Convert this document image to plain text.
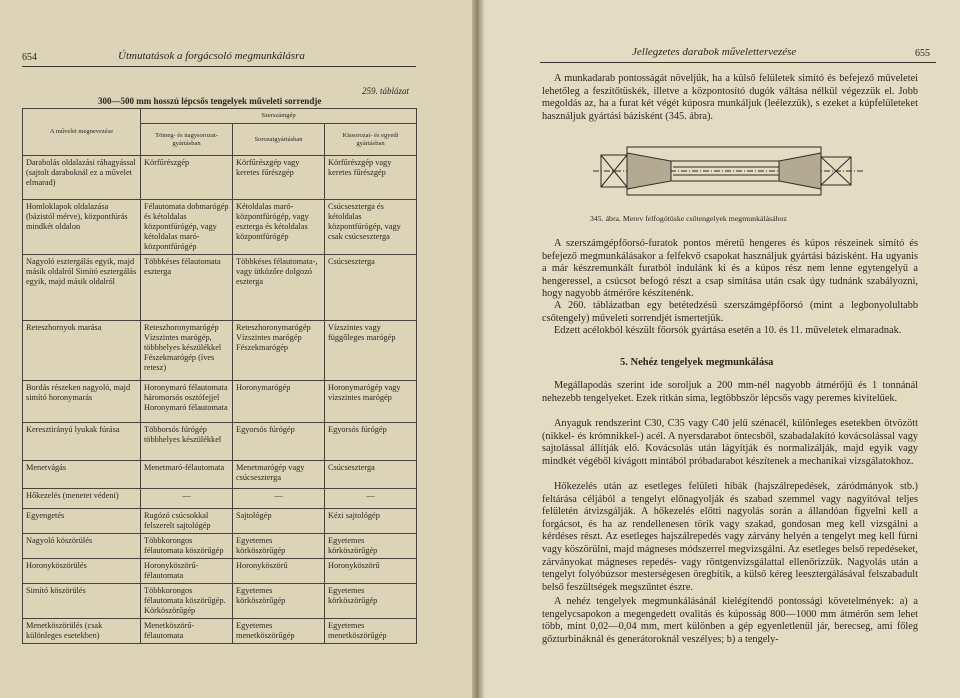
654	Útmutatások a forgácsoló megmunkálásra
259. táblázat
300—500 mm hosszú lépcsős tengelyek műveleti sorrendje
A művelet megnevezése	Szerszámgép		
	Tömeg- és nagysorozat-gyártásban	Sorozatgyártásban	Kissorozat- és egyedi gyártásban
Darabolás oldalazási ráhagyással (sajtolt daraboknál ez a művelet elmarad)	Körfűrészgép	Körfűrészgép vagy keretes fűrészgép	Körfűrészgép vagy keretes fűrészgép
Homloklapok oldalazása (bázistól mérve), központfúrás mindkét oldalon	Félautomata dobmarógép és kétoldalas központfúrógép, vagy kétoldalas maró-központfúrógép	Kétoldalas maró-központfúrógép, vagy esztergа és kétoldalas központfúrógép	Csúcseszterga és kétoldalas központfúrógép, vagy csak csúcseszterga
Nagyoló esztergálás egyik, majd másik oldalról Simító esztergálás egyik, majd másik oldalról	Többkéses félautomata eszterga	Többkéses félautomata-, vagy ütközőre dolgozó eszterga	Csúcseszterga
Reteszhornyok marása	Reteszhoronymarógép Vízszintes marógép, többhelyes készülékkel Fészekmarógép (íves retesz)	Reteszhoronymarógép Vízszintes marógép Fészekmarógép	Vízszintes vagy függőleges marógép
Bordás részeken nagyoló, majd simító horonymarás	Horonymaró félautomata háromorsós osztófejjel Horonymaró félautomata	Horonymarógép	Horonymarógép vagy vízszintes marógép
Keresztirányú lyukak fúrása	Többorsós fúrógép többhelyes készülékkel	Egyorsós fúrógép	Egyorsós fúrógép
Menetvágás	Menetmaró-félautomata	Menetmarógép vagy csúcseszterga	Csúcseszterga
Hőkezelés (menetet védeni)	—	—	—
Egyengetés	Rugózó csúcsokkal felszerelt sajtológép	Sajtológép	Kézi sajtológép
Nagyoló köszörülés	Többkorongos félautomata köszörűgép	Egyetemes körköszörűgép	Egyetemes körköszörűgép
Horonyköszörülés	Horonyköszörű-félautomata	Horonyköszörű	Horonyköszörű
Simító köszörülés	Többkorongos félautomata köszörűgép. Körköszörűgép	Egyetemes körköszörűgép	Egyetemes körköszörűgép
Menetköszörülés (csak különleges esetekben)	Menetköszörű-félautomata	Egyetemes menetköszörűgép	Egyetemes menetköszörűgép
Jellegzetes darabok művelettervezése	655
A munkadarab pontosságát növeljük, ha a külső felületek simító és befejező műveletei lehetőleg a feszítőtüskék, illetve a központosító dugók váltása nélkül végezzük el. Jobb megoldás az, ha a furat két végét kúposra munkáljuk (leélezzük), s ezeket a kúpfelületeket használjuk gyártási bázisként (345. ábra).
345. ábra. Merev felfogótüske csőtengelyek megmunkálásához
A szerszámgépfőorsó-furatok pontos méretű hengeres és kúpos részeinek simító és befejező megmunkálásakor a felfekvő csapokat használjuk gyártási bázisként. Ha ugyanis a már készremunkált furatból indulánk ki és a kúpos rész nem lenne egytengelyű a hengeressel, a csúcsot befogó részt a csap simítása után csak úgy tudnánk szabályozni, hogy nagyobb átmérőre készítenénk.
A 260. táblázatban egy betétedzésű szerszámgépfőorsó (mint a legbonyolultabb csőtengely) műveleti sorrendjét ismertetjük.
Edzett acélokból készült főorsók gyártása esetén a 10. és 11. műveletek elmaradnak.
5. Nehéz tengelyek megmunkálása
Megállapodás szerint ide soroljuk a 200 mm-nél nagyobb átmérőjű és 1 tonnánál nehezebb tengelyeket. Ezek ritkán sima, legtöbbször lépcsős vagy peremes kivitelűek.
Anyaguk rendszerint C30, C35 vagy C40 jelű szénacél, különleges esetekben ötvözött (nikkel- és krómnikkel-) acél. A nyersdarabot öntecsből, szabadalakító kovácsolással vagy sajtolással állítják elő. Kovácsolás után lágyítják és normalizálják, majd egyik vagy mindkét végéből kivágott mintából próbadarabot készítenek a mechanikai vizsgálatokhoz.
Hőkezelés után az esetleges felületi hibák (hajszálrepedések, záródmányok stb.) feltárása céljából a tengelyt előnagyolják és szabad szemmel vagy nagyítóval teljes felületén átvizsgálják. A hőkezelés előtti nagyolás során a állandóan figyelni kell a forgácsot, és ha az rendellenesen törik vagy szakad, gondosan meg kell vizsgálni a kérdéses részt. Az esetleges hajszálrepedés vagy zárvány helyén a tengelyt meg kell fúrni vagy köszörülni, majd mágneses módszerrel megvizsgálni. Az esetleges belső repedéseket, zárványokat mágneses repedés- vagy röntgenvizsgálattal ellenőrizzük. Nagyolás után a tengelyt folyóbúzsor mesterségesen öregbítik, a külső kéreg leesztergálásával felszabadult belső feszültségek megszűntet észre.
A nehéz tengelyek megmunkálásánál kielégítendő pontossági követelmények: a) a tengelycsapokon a megengedett ovalitás és kúposság 800—1000 mm átmérőn sem lehet több, mint 0,02—0,04 mm, mert különben a gép egyenletlenül jár, berecseg, ami főleg gőzturbináknál és generátoroknál veszélyes; b) a tengely-
